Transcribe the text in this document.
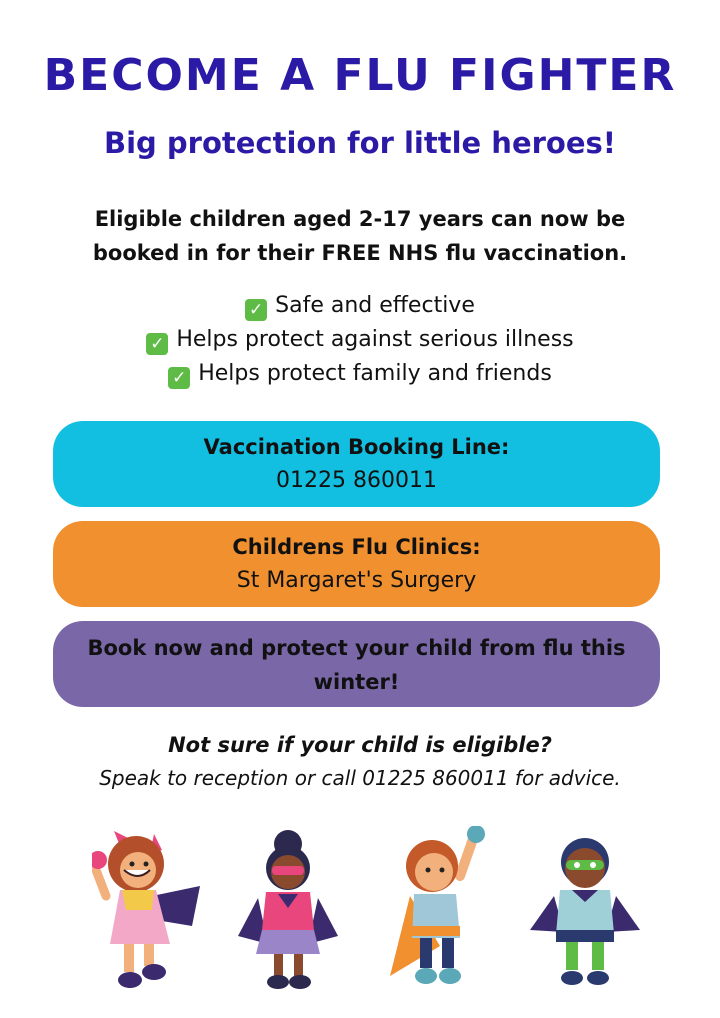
BECOME A FLU FIGHTER
Big protection for little heroes!
Eligible children aged 2-17 years can now be booked in for their FREE NHS flu vaccination.
✓ Safe and effective
✓ Helps protect against serious illness
✓ Helps protect family and friends
Vaccination Booking Line:
01225 860011
Childrens Flu Clinics:
St Margaret's Surgery
Book now and protect your child from flu this winter!
Not sure if your child is eligible?
Speak to reception or call 01225 860011 for advice.
